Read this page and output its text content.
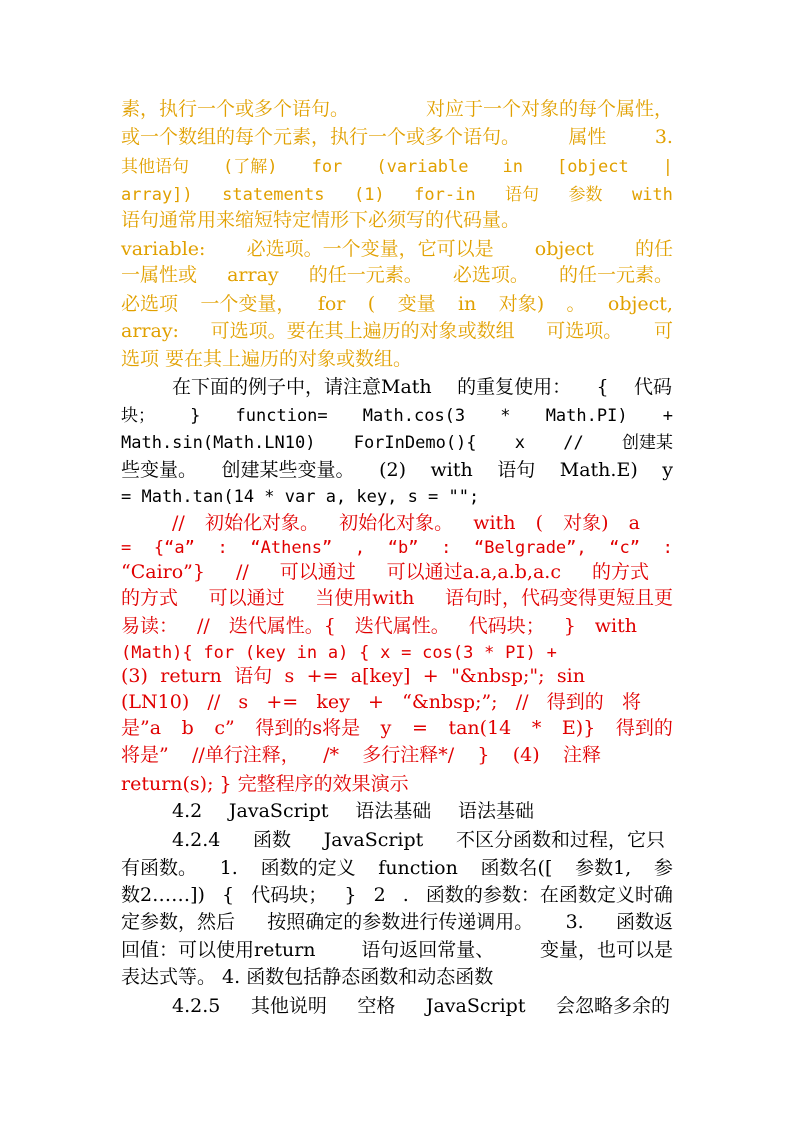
素，执行一个或多个语句。	对应于一个对象的每个属性，
或一个数组的每个元素，执行一个或多个语句。	属性	3.
其他语句 (了解) for (variable in [object |
array]) statements (1) for-in 语句 参数 with
语句通常用来缩短特定情形下必须写的代码量。
variable: 必选项。一个变量，它可以是 object 的任
一属性或 array 的任一元素。 必选项。 的任一元素。
必选项 一个变量， for ( 变量 in 对象) 。 object,
array: 可选项。要在其上遍历的对象或数组 可选项。 可
选项 要在其上遍历的对象或数组。
在下面的例子中，请注意Math 的重复使用： { 代码
块； } function= Math.cos(3 * Math.PI) +
Math.sin(Math.LN10) ForInDemo(){ x // 创建某
些变量。 创建某些变量。 (2) with 语句 Math.E) y
= Math.tan(14 * var a, key, s = "";
// 初始化对象。 初始化对象。 with ( 对象) a
= {“a” : “Athens” , “b” : “Belgrade”, “c” :
“Cairo”} // 可以通过 可以通过a.a,a.b,a.c 的方式
的方式 可以通过 当使用with 语句时，代码变得更短且更
易读： // 迭代属性。{ 迭代属性。 代码块； } with
(Math){ for (key in a) { x = cos(3 * PI) +
(3) return 语句 s += a[key] + "&nbsp;"; sin
(LN10) // s += key + “&nbsp;”; // 得到的 将
是”a b c” 得到的s将是 y = tan(14 * E)} 得到的
将是” //单行注释， /* 多行注释*/ } (4) 注释
return(s); } 完整程序的效果演示
4.2 JavaScript 语法基础 语法基础
4.2.4 函数 JavaScript 不区分函数和过程，它只
有函数。 1. 函数的定义 function 函数名([ 参数1, 参
数2……]) { 代码块； } 2 . 函数的参数：在函数定义时确
定参数，然后 按照确定的参数进行传递调用。 3. 函数返
回值：可以使用return 语句返回常量、 变量，也可以是
表达式等。 4. 函数包括静态函数和动态函数
4.2.5 其他说明 空格 JavaScript 会忽略多余的
